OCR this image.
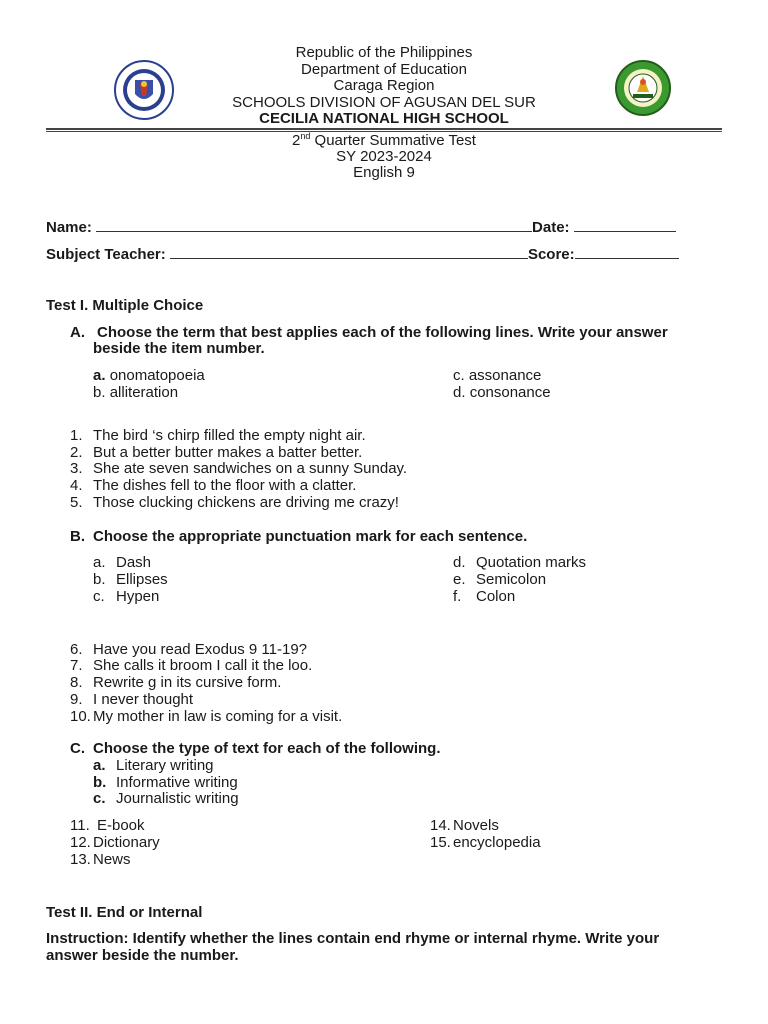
Republic of the Philippines
Department of Education
Caraga Region
SCHOOLS DIVISION OF AGUSAN DEL SUR
CECILIA NATIONAL HIGH SCHOOL
2nd Quarter Summative Test
SY 2023-2024
English 9
Name:	Date:
Subject Teacher:	Score:
Test I. Multiple Choice
A. Choose the term that best applies each of the following lines. Write your answer
beside the item number.
a. onomatopoeia
b. alliteration
c. assonance
d. consonance
1. The bird ‘s chirp filled the empty night air.
2. But a better butter makes a batter better.
3. She ate seven sandwiches on a sunny Sunday.
4. The dishes fell to the floor with a clatter.
5. Those clucking chickens are driving me crazy!
B. Choose the appropriate punctuation mark for each sentence.
a. Dash
b. Ellipses
c. Hypen
d. Quotation marks
e. Semicolon
f. Colon
6. Have you read Exodus 9 11-19?
7. She calls it broom I call it the loo.
8. Rewrite g in its cursive form.
9. I never thought
10. My mother in law is coming for a visit.
C. Choose the type of text for each of the following.
a. Literary writing
b. Informative writing
c. Journalistic writing
11. E-book
12. Dictionary
13. News
14. Novels
15. encyclopedia
Test II. End or Internal
Instruction: Identify whether the lines contain end rhyme or internal rhyme. Write your
answer beside the number.
